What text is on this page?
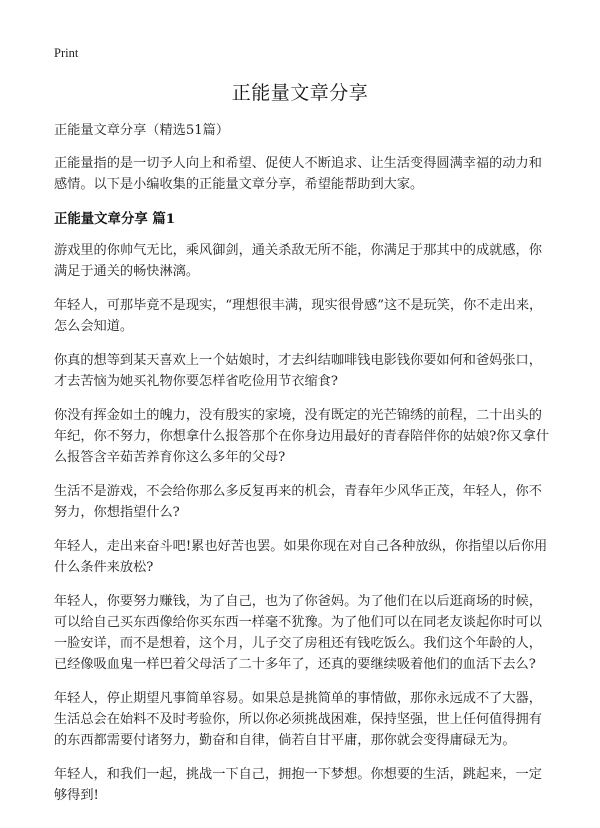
Print
正能量文章分享

正能量文章分享（精选51篇）

正能量指的是一切予人向上和希望、促使人不断追求、让生活变得圆满幸福的动力和感情。以下是小编收集的正能量文章分享，希望能帮助到大家。

正能量文章分享 篇1

游戏里的你帅气无比，乘风御剑，通关杀敌无所不能，你满足于那其中的成就感，你满足于通关的畅快淋漓。

年轻人，可那毕竟不是现实，“理想很丰满，现实很骨感”这不是玩笑，你不走出来，怎么会知道。

你真的想等到某天喜欢上一个姑娘时，才去纠结咖啡钱电影钱你要如何和爸妈张口，才去苦恼为她买礼物你要怎样省吃俭用节衣缩食?

你没有挥金如土的魄力，没有殷实的家境，没有既定的光芒锦绣的前程，二十出头的年纪，你不努力，你想拿什么报答那个在你身边用最好的青春陪伴你的姑娘?你又拿什么报答含辛茹苦养育你这么多年的父母?

生活不是游戏，不会给你那么多反复再来的机会，青春年少风华正茂，年轻人，你不努力，你想指望什么?

年轻人，走出来奋斗吧!累也好苦也罢。如果你现在对自己各种放纵，你指望以后你用什么条件来放松?

年轻人，你要努力赚钱，为了自己，也为了你爸妈。为了他们在以后逛商场的时候，可以给自己买东西像给你买东西一样毫不犹豫。为了他们可以在同老友谈起你时可以一脸安详，而不是想着，这个月，儿子交了房租还有钱吃饭么。我们这个年龄的人，已经像吸血鬼一样巴着父母活了二十多年了，还真的要继续吸着他们的血活下去么?

年轻人，停止期望凡事简单容易。如果总是挑简单的事情做，那你永远成不了大器，生活总会在始料不及时考验你，所以你必须挑战困难，保持坚强，世上任何值得拥有的东西都需要付诸努力，勤奋和自律，倘若自甘平庸，那你就会变得庸碌无为。

年轻人，和我们一起，挑战一下自己，拥抱一下梦想。你想要的生活，跳起来，一定够得到!
